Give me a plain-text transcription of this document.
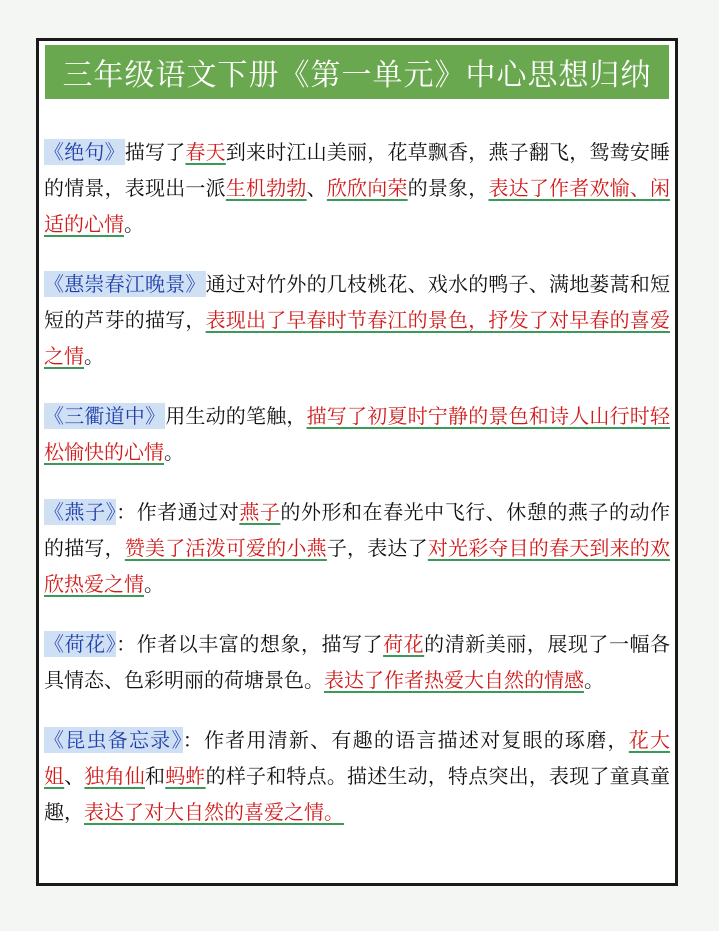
三年级语文下册《第一单元》中心思想归纳

《绝句》描写了春天到来时江山美丽，花草飘香，燕子翻飞，鸳鸯安睡的情景，表现出一派生机勃勃、欣欣向荣的景象，表达了作者欢愉、闲适的心情。

《惠崇春江晚景》通过对竹外的几枝桃花、戏水的鸭子、满地蒌蒿和短短的芦芽的描写，表现出了早春时节春江的景色，抒发了对早春的喜爱之情。

《三衢道中》用生动的笔触，描写了初夏时宁静的景色和诗人山行时轻松愉快的心情。

《燕子》：作者通过对燕子的外形和在春光中飞行、休憩的燕子的动作的描写，赞美了活泼可爱的小燕子，表达了对光彩夺目的春天到来的欢欣热爱之情。

《荷花》：作者以丰富的想象，描写了荷花的清新美丽，展现了一幅各具情态、色彩明丽的荷塘景色。表达了作者热爱大自然的情感。

《昆虫备忘录》：作者用清新、有趣的语言描述对复眼的琢磨，花大姐、独角仙和蚂蚱的样子和特点。描述生动，特点突出，表现了童真童趣，表达了对大自然的喜爱之情。
